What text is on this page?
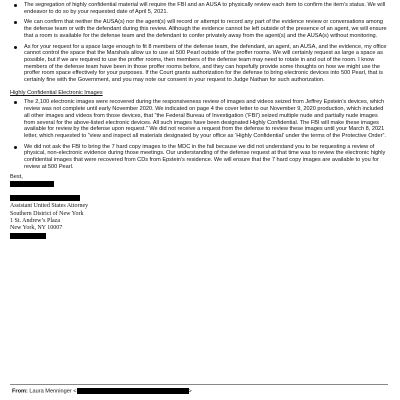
The segregation of highly confidential material will require the FBI and an AUSA to physically review each item to confirm the item’s status. We will endeavor to do so by your requested date of April 5, 2021.
We can confirm that neither the AUSA(s) nor the agent(s) will record or attempt to record any part of the evidence review or conversations among the defense team or with the defendant during this review. Although the evidence cannot be left outside of the presence of an agent, we will ensure that a room is available for the defense team and the defendant to confer privately away from the agent(s) and the AUSA(s) without monitoring.
As for your request for a space large enough to fit 8 members of the defense team, the defendant, an agent, an AUSA, and the evidence, my office cannot control the space that the Marshals allow us to use at 500 Pearl outside of the proffer rooms. We will certainly request as large a space as possible, but if we are required to use the proffer rooms, then members of the defense team may need to rotate in and out of the room. I know members of the defense team have been in those proffer rooms before, and they can hopefully provide some thoughts on how we might use the proffer room space effectively for your purposes. If the Court grants authorization for the defense to bring electronic devices into 500 Pearl, that is certainly fine with the Government, and you may note our consent in your request to Judge Nathan for such authorization.
Highly Confidential Electronic Images
The 2,100 electronic images were recovered during the responsiveness review of images and videos seized from Jeffrey Epstein’s devices, which review was not complete until early November 2020. We indicated on page 4 the cover letter to our November 9, 2020 production, which included all other images and videos from those devices, that “the Federal Bureau of Investigation (‘FBI’) seized multiple nude and partially nude images from several for the above-listed electronic devices. All such images have been designated Highly Confidential. The FBI will make these images available for review by the defense upon request.” We did not receive a request from the defense to review these images until your March 8, 2021 letter, which requested to “view and inspect all materials designated by your office as ‘Highly Confidential’ under the terms of the Protective Order”.
We did not ask the FBI to bring the 7 hard copy images to the MDC in the fall because we did not understand you to be requesting a review of physical, non-electronic evidence during those meetings. Our understanding of the defense request at that time was to review the electronic highly confidential images that were recovered from CDs from Epstein’s residence. We will ensure that the 7 hard copy images are available to you for review at 500 Pearl.
Best,
Assistant United States Attorney
Southern District of New York
1 St. Andrew’s Plaza
New York, NY 10007
From: Laura Menninger <	>
